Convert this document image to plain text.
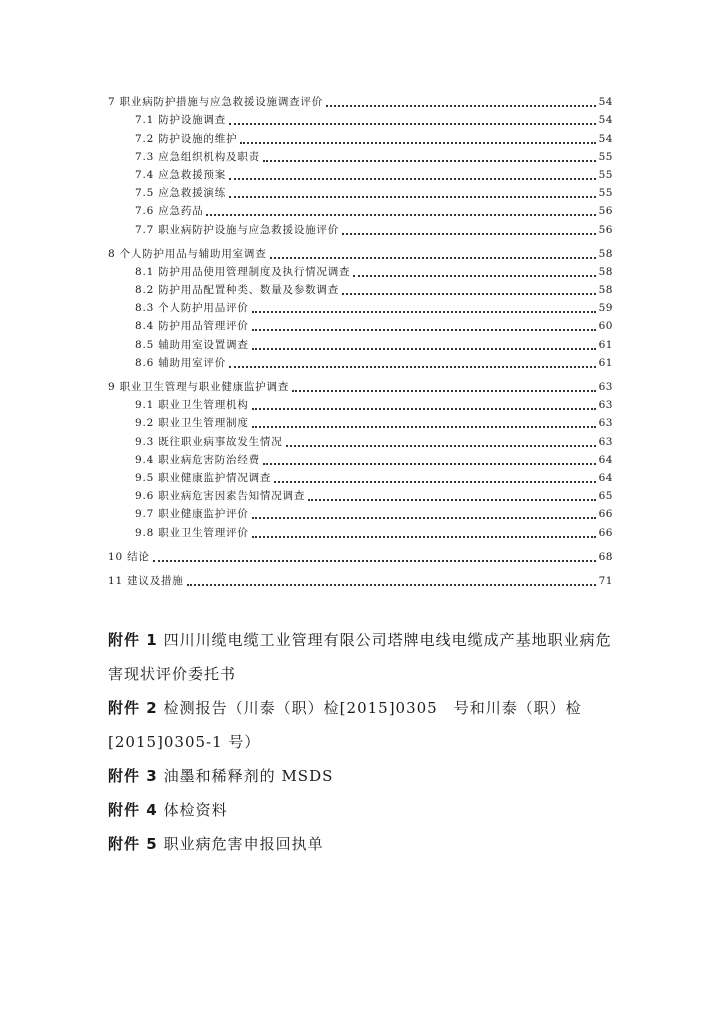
7 职业病防护措施与应急救援设施调查评价	54
7.1 防护设施调查	54
7.2 防护设施的维护	54
7.3 应急组织机构及职责	55
7.4 应急救援预案	55
7.5 应急救援演练	55
7.6 应急药品	56
7.7 职业病防护设施与应急救援设施评价	56
8 个人防护用品与辅助用室调查	58
8.1 防护用品使用管理制度及执行情况调查	58
8.2 防护用品配置种类、数量及参数调查	58
8.3 个人防护用品评价	59
8.4 防护用品管理评价	60
8.5 辅助用室设置调查	61
8.6 辅助用室评价	61
9 职业卫生管理与职业健康监护调查	63
9.1 职业卫生管理机构	63
9.2 职业卫生管理制度	63
9.3 既往职业病事故发生情况	63
9.4 职业病危害防治经费	64
9.5 职业健康监护情况调查	64
9.6 职业病危害因素告知情况调查	65
9.7 职业健康监护评价	66
9.8 职业卫生管理评价	66
10 结论	68
11 建议及措施	71
附件 1 四川川缆电缆工业管理有限公司塔牌电线电缆成产基地职业病危害现状评价委托书
附件 2 检测报告（川泰（职）检[2015]0305　号和川泰（职）检[2015]0305-1 号）
附件 3 油墨和稀释剂的 MSDS
附件 4 体检资料
附件 5 职业病危害申报回执单
